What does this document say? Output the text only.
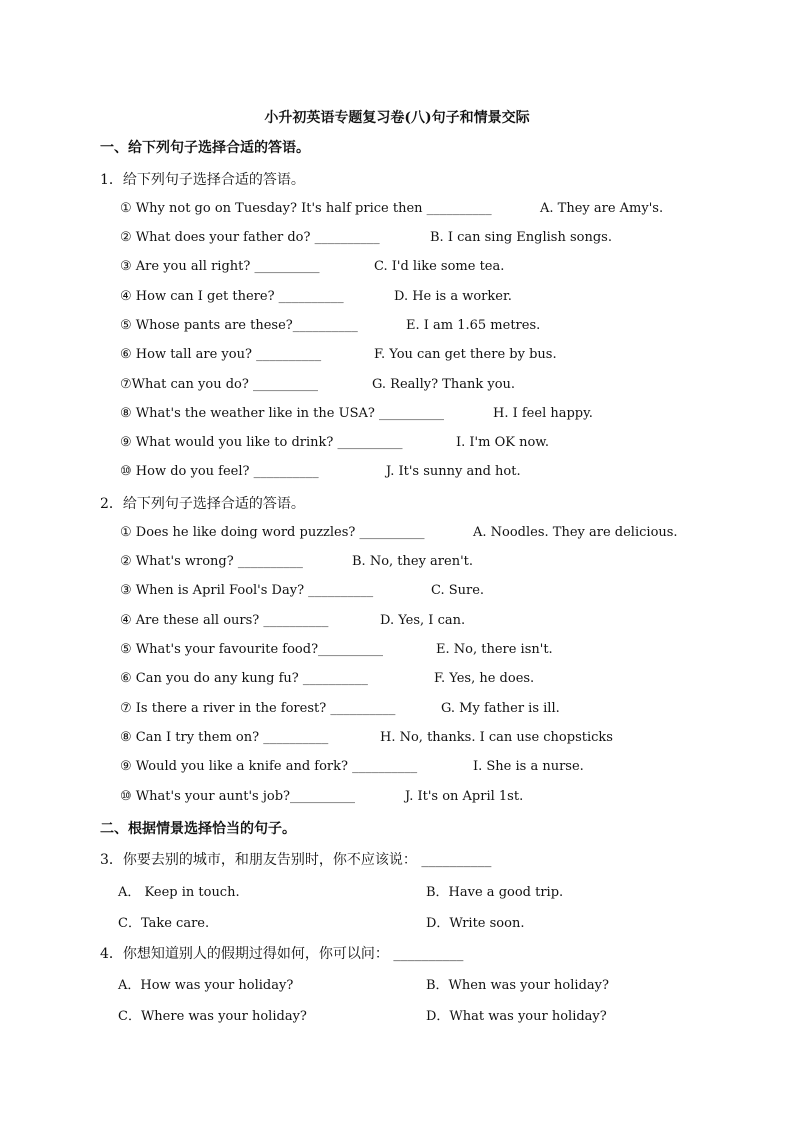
小升初英语专题复习卷(八)句子和情景交际
一、给下列句子选择合适的答语。
1．给下列句子选择合适的答语。
① Why not go on Tuesday? It's half price then __________	A. They are Amy's.
② What does your father do? __________	B. I can sing English songs.
③ Are you all right? __________	C. I'd like some tea.
④ How can I get there? __________	D. He is a worker.
⑤ Whose pants are these?__________	E. I am 1.65 metres.
⑥ How tall are you? __________	F. You can get there by bus.
⑦What can you do? __________	G. Really? Thank you.
⑧ What's the weather like in the USA? __________	H. I feel happy.
⑨ What would you like to drink? __________	I. I'm OK now.
⑩ How do you feel? __________	J. It's sunny and hot.
2．给下列句子选择合适的答语。
① Does he like doing word puzzles? __________	A. Noodles. They are delicious.
② What's wrong? __________	B. No, they aren't.
③ When is April Fool's Day? __________	C. Sure.
④ Are these all ours? __________	D. Yes, I can.
⑤ What's your favourite food?__________	E. No, there isn't.
⑥ Can you do any kung fu? __________	F. Yes, he does.
⑦ Is there a river in the forest? __________	G. My father is ill.
⑧ Can I try them on? __________	H. No, thanks. I can use chopsticks
⑨ Would you like a knife and fork? __________	I. She is a nurse.
⑩ What's your aunt's job?__________	J. It's on April 1st.
二、根据情景选择恰当的句子。
3．你要去别的城市，和朋友告别时，你不应该说： __________
A． Keep in touch.	B．Have a good trip.
C．Take care.	D．Write soon.
4．你想知道别人的假期过得如何，你可以问： __________
A．How was your holiday?	B．When was your holiday?
C．Where was your holiday?	D．What was your holiday?
